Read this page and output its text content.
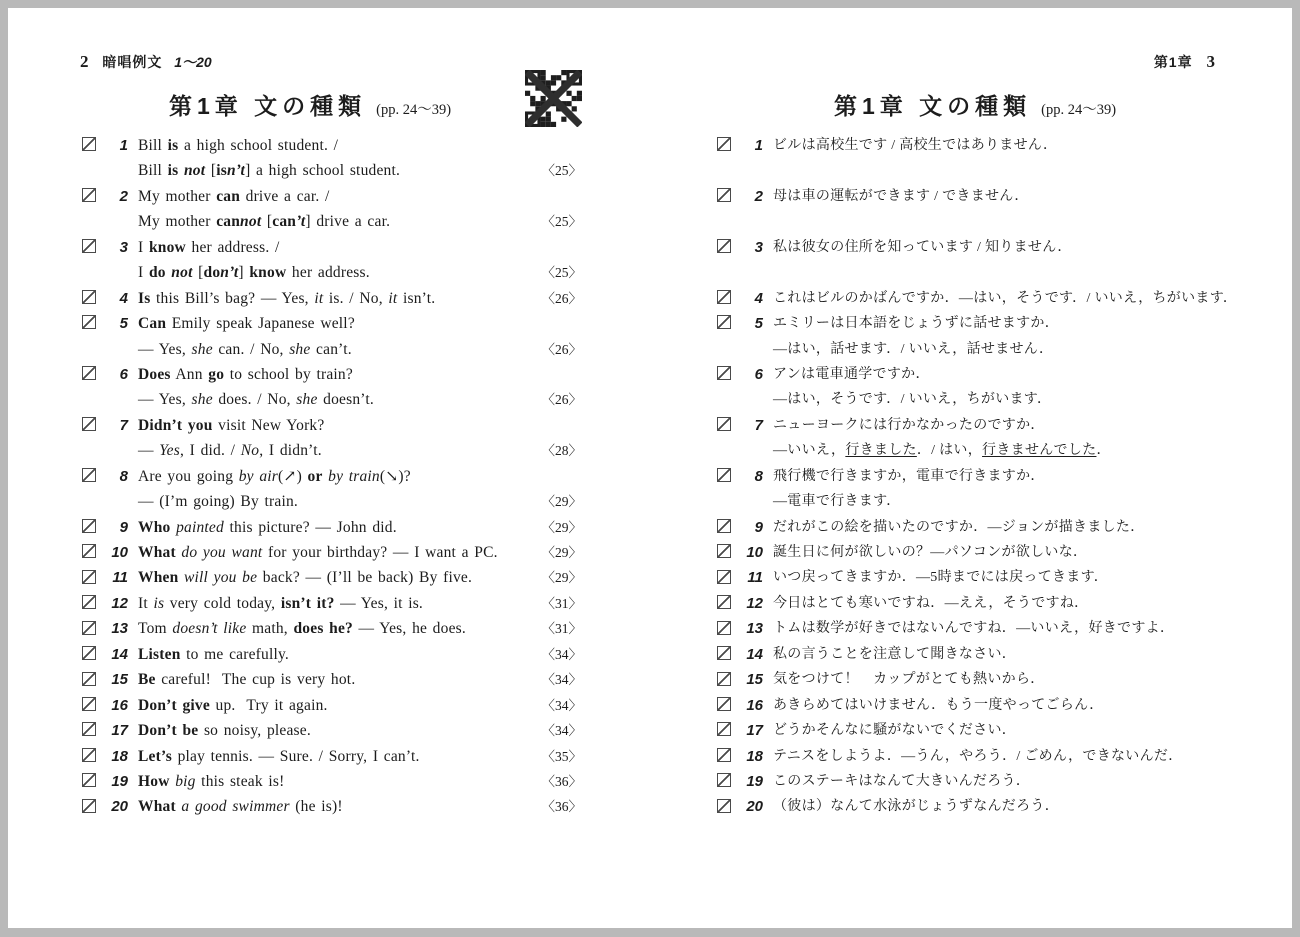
2 暗唱例文 1～20
第1章 文の種類 (pp. 24～39)
1 Bill is a high school student. /
Bill is not [isn’t] a high school student.	〈25〉
2 My mother can drive a car. /
My mother cannot [can’t] drive a car.	〈25〉
3 I know her address. /
I do not [don’t] know her address.	〈25〉
4 Is this Bill’s bag? — Yes, it is. / No, it isn’t.	〈26〉
5 Can Emily speak Japanese well?
— Yes, she can. / No, she can’t.	〈26〉
6 Does Ann go to school by train?
— Yes, she does. / No, she doesn’t.	〈26〉
7 Didn’t you visit New York?
— Yes, I did. / No, I didn’t.	〈28〉
8 Are you going by air(↗) or by train(↘)?
— (I’m going) By train.	〈29〉
9 Who painted this picture? — John did.	〈29〉
10 What do you want for your birthday? — I want a PC.	〈29〉
11 When will you be back? — (I’ll be back) By five.	〈29〉
12 It is very cold today, isn’t it? — Yes, it is.	〈31〉
13 Tom doesn’t like math, does he? — Yes, he does.	〈31〉
14 Listen to me carefully.	〈34〉
15 Be careful!  The cup is very hot.	〈34〉
16 Don’t give up.  Try it again.	〈34〉
17 Don’t be so noisy, please.	〈34〉
18 Let’s play tennis. — Sure. / Sorry, I can’t.	〈35〉
19 How big this steak is!	〈36〉
20 What a good swimmer (he is)!	〈36〉
第1章 3
第1章 文の種類 (pp. 24～39)
1 ビルは高校生です / 高校生ではありません．
2 母は車の運転ができます / できません．
3 私は彼女の住所を知っています / 知りません．
4 これはビルのかばんですか．―はい，そうです．/ いいえ，ちがいます．
5 エミリーは日本語をじょうずに話せますか．
―はい，話せます．/ いいえ，話せません．
6 アンは電車通学ですか．
―はい，そうです．/ いいえ，ちがいます．
7 ニューヨークには行かなかったのですか．
―いいえ，行きました．/ はい，行きませんでした．
8 飛行機で行きますか，電車で行きますか．
―電車で行きます．
9 だれがこの絵を描いたのですか．―ジョンが描きました．
10 誕生日に何が欲しいの？―パソコンが欲しいな．
11 いつ戻ってきますか．―5時までには戻ってきます．
12 今日はとても寒いですね．―ええ，そうですね．
13 トムは数学が好きではないんですね．―いいえ，好きですよ．
14 私の言うことを注意して聞きなさい．
15 気をつけて！　カップがとても熱いから．
16 あきらめてはいけません．もう一度やってごらん．
17 どうかそんなに騒がないでください．
18 テニスをしようよ．―うん，やろう．/ ごめん，できないんだ．
19 このステーキはなんて大きいんだろう．
20 （彼は）なんて水泳がじょうずなんだろう．
